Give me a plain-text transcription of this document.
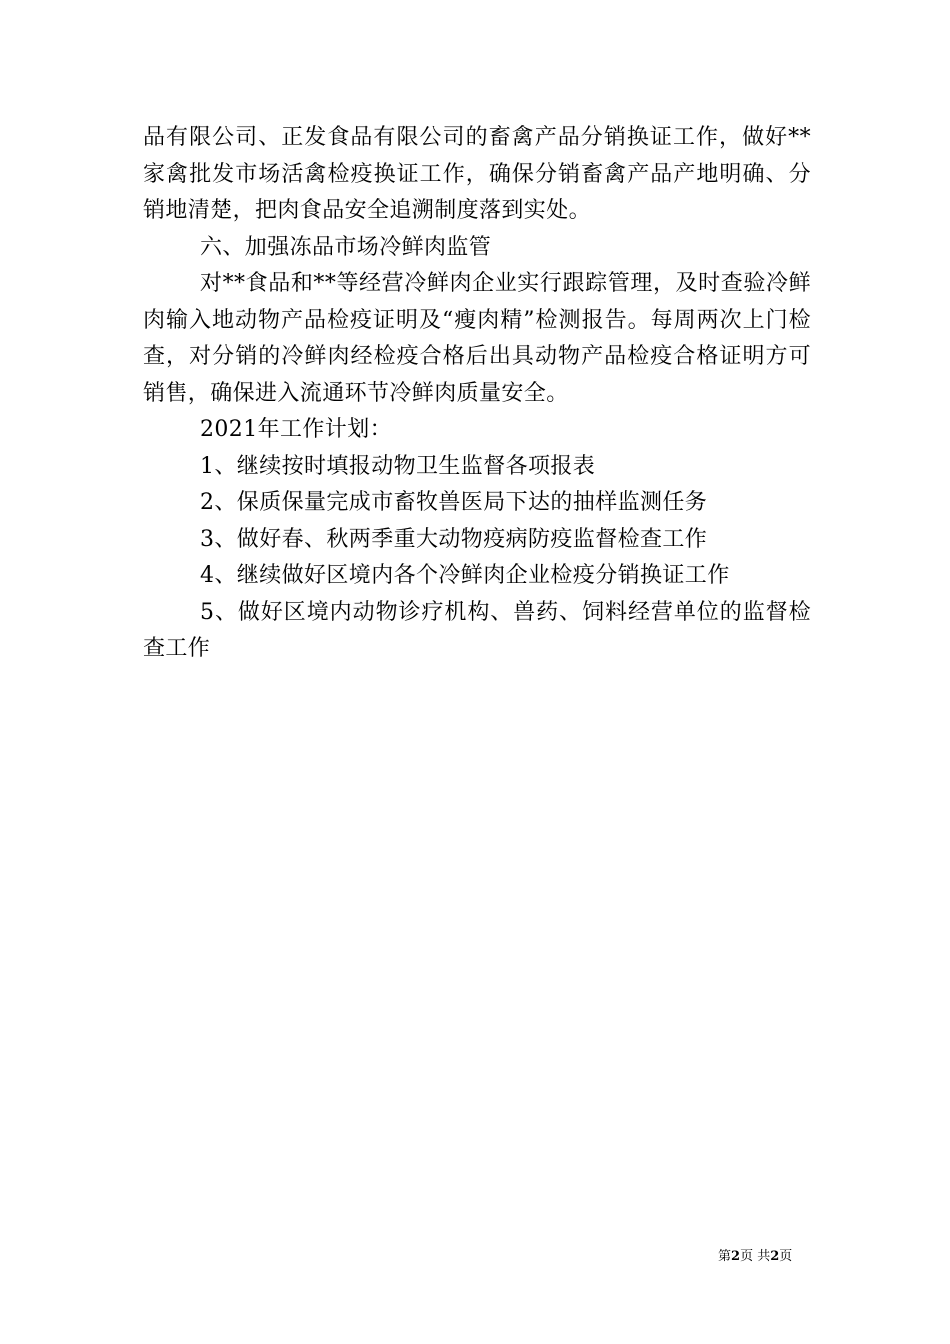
品有限公司、正发食品有限公司的畜禽产品分销换证工作，做好**家禽批发市场活禽检疫换证工作，确保分销畜禽产品产地明确、分销地清楚，把肉食品安全追溯制度落到实处。

六、加强冻品市场冷鲜肉监管

对**食品和**等经营冷鲜肉企业实行跟踪管理，及时查验冷鲜肉输入地动物产品检疫证明及“瘦肉精”检测报告。每周两次上门检查，对分销的冷鲜肉经检疫合格后出具动物产品检疫合格证明方可销售，确保进入流通环节冷鲜肉质量安全。

2021年工作计划：

1、继续按时填报动物卫生监督各项报表

2、保质保量完成市畜牧兽医局下达的抽样监测任务

3、做好春、秋两季重大动物疫病防疫监督检查工作

4、继续做好区境内各个冷鲜肉企业检疫分销换证工作

5、做好区境内动物诊疗机构、兽药、饲料经营单位的监督检查工作

第2页 共2页
